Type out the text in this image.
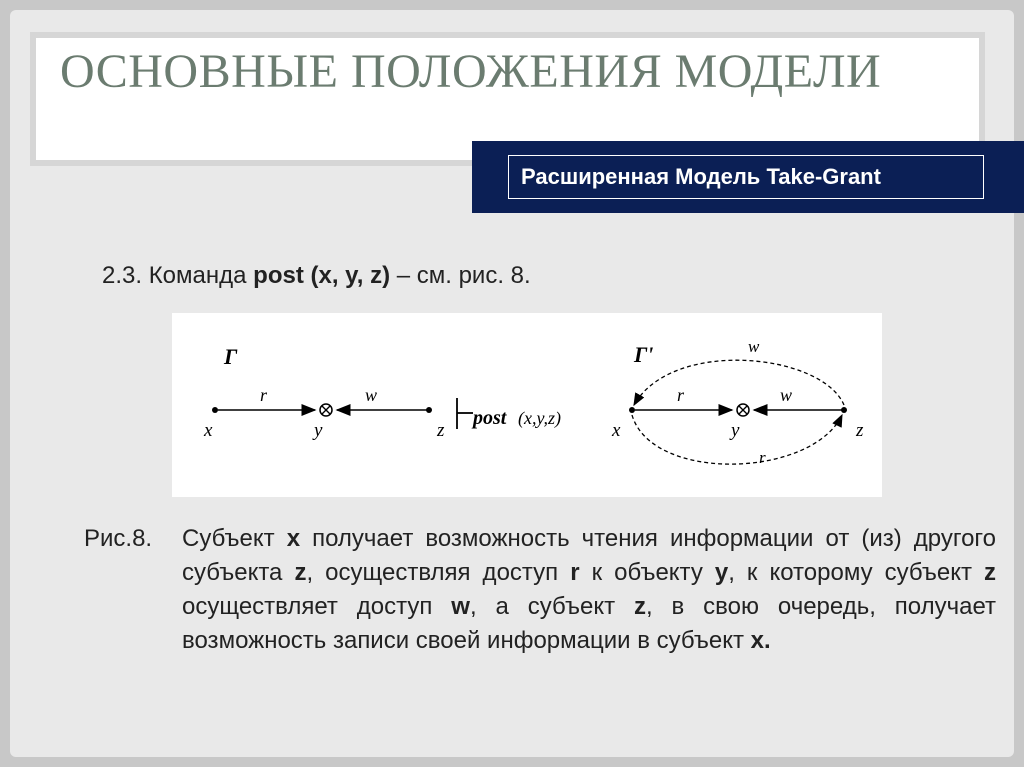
ОСНОВНЫЕ ПОЛОЖЕНИЯ МОДЕЛИ
Расширенная Модель Take-Grant
2.3. Команда post (x, y, z) – см. рис. 8.
Г
r	w
x	y	z
post (x,y,z)
Г'
r	w
w
r
x	y	z
Рис.8. Субъект x получает возможность чтения информации от (из) другого субъекта z, осуществляя доступ r к объекту y, к которому субъект z осуществляет доступ w, а субъект z, в свою очередь, получает возможность записи своей информации в субъект x.
